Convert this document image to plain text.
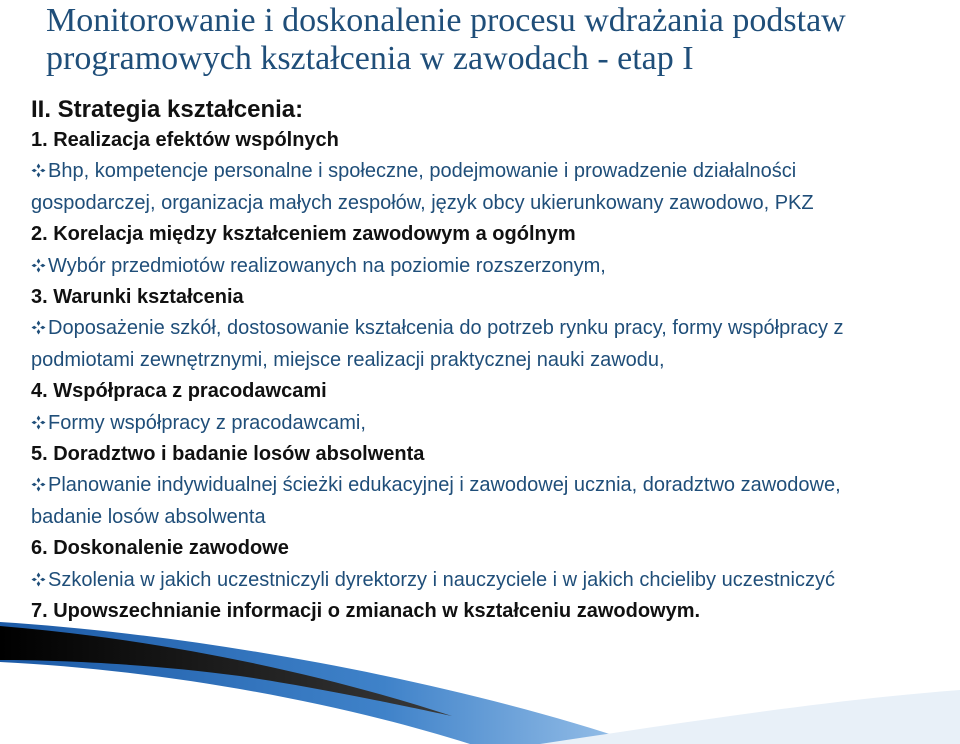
Monitorowanie i doskonalenie procesu wdrażania podstaw
programowych kształcenia w zawodach - etap I

II. Strategia kształcenia:

1. Realizacja efektów wspólnych

Bhp, kompetencje personalne i społeczne, podejmowanie i prowadzenie działalności

gospodarczej, organizacja małych zespołów, język obcy ukierunkowany zawodowo, PKZ

2. Korelacja między kształceniem zawodowym a ogólnym

Wybór przedmiotów realizowanych na poziomie rozszerzonym,

3. Warunki kształcenia

Doposażenie szkół, dostosowanie kształcenia do potrzeb rynku pracy, formy współpracy z

podmiotami zewnętrznymi, miejsce realizacji praktycznej nauki zawodu,

4. Współpraca z pracodawcami

Formy współpracy z pracodawcami,

5. Doradztwo i badanie losów absolwenta

Planowanie indywidualnej ścieżki edukacyjnej i zawodowej ucznia, doradztwo zawodowe,

badanie losów absolwenta

6. Doskonalenie zawodowe

Szkolenia w jakich uczestniczyli dyrektorzy i nauczyciele i w jakich chcieliby uczestniczyć

7. Upowszechnianie informacji o zmianach w kształceniu zawodowym.
